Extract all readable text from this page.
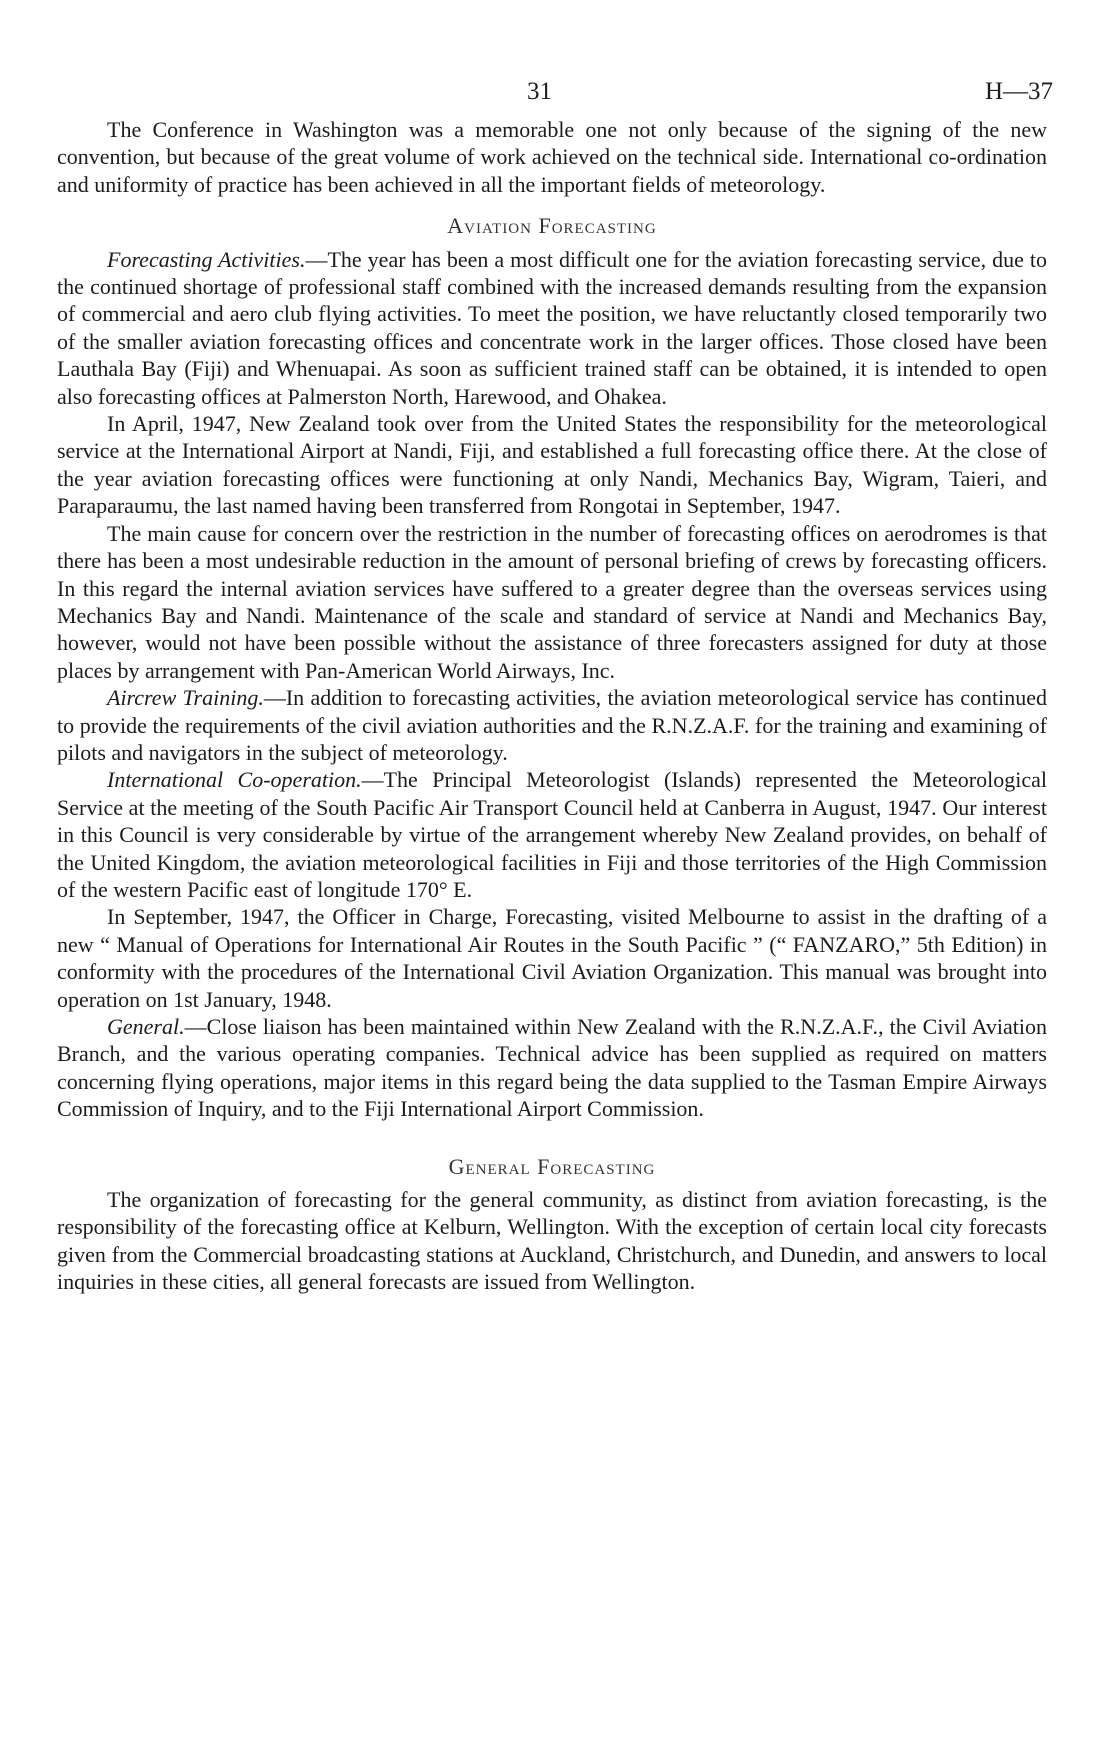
31	H—37

The Conference in Washington was a memorable one not only because of the signing of the new convention, but because of the great volume of work achieved on the technical side. International co-ordination and uniformity of practice has been achieved in all the important fields of meteorology.

Aviation Forecasting

Forecasting Activities.—The year has been a most difficult one for the aviation forecasting service, due to the continued shortage of professional staff combined with the increased demands resulting from the expansion of commercial and aero club flying activities. To meet the position, we have reluctantly closed temporarily two of the smaller aviation forecasting offices and concentrate work in the larger offices. Those closed have been Lauthala Bay (Fiji) and Whenuapai. As soon as sufficient trained staff can be obtained, it is intended to open also forecasting offices at Palmerston North, Harewood, and Ohakea.

In April, 1947, New Zealand took over from the United States the responsibility for the meteorological service at the International Airport at Nandi, Fiji, and established a full forecasting office there. At the close of the year aviation forecasting offices were functioning at only Nandi, Mechanics Bay, Wigram, Taieri, and Paraparaumu, the last named having been transferred from Rongotai in September, 1947.

The main cause for concern over the restriction in the number of forecasting offices on aerodromes is that there has been a most undesirable reduction in the amount of personal briefing of crews by forecasting officers. In this regard the internal aviation services have suffered to a greater degree than the overseas services using Mechanics Bay and Nandi. Maintenance of the scale and standard of service at Nandi and Mechanics Bay, however, would not have been possible without the assistance of three forecasters assigned for duty at those places by arrangement with Pan-American World Airways, Inc.

Aircrew Training.—In addition to forecasting activities, the aviation meteorological service has continued to provide the requirements of the civil aviation authorities and the R.N.Z.A.F. for the training and examining of pilots and navigators in the subject of meteorology.

International Co-operation.—The Principal Meteorologist (Islands) represented the Meteorological Service at the meeting of the South Pacific Air Transport Council held at Canberra in August, 1947. Our interest in this Council is very considerable by virtue of the arrangement whereby New Zealand provides, on behalf of the United Kingdom, the aviation meteorological facilities in Fiji and those territories of the High Commission of the western Pacific east of longitude 170° E.

In September, 1947, the Officer in Charge, Forecasting, visited Melbourne to assist in the drafting of a new “ Manual of Operations for International Air Routes in the South Pacific ” (“ FANZARO,” 5th Edition) in conformity with the procedures of the International Civil Aviation Organization. This manual was brought into operation on 1st January, 1948.

General.—Close liaison has been maintained within New Zealand with the R.N.Z.A.F., the Civil Aviation Branch, and the various operating companies. Technical advice has been supplied as required on matters concerning flying operations, major items in this regard being the data supplied to the Tasman Empire Airways Commission of Inquiry, and to the Fiji International Airport Commission.

General Forecasting

The organization of forecasting for the general community, as distinct from aviation forecasting, is the responsibility of the forecasting office at Kelburn, Wellington. With the exception of certain local city forecasts given from the Commercial broadcasting stations at Auckland, Christchurch, and Dunedin, and answers to local inquiries in these cities, all general forecasts are issued from Wellington.
